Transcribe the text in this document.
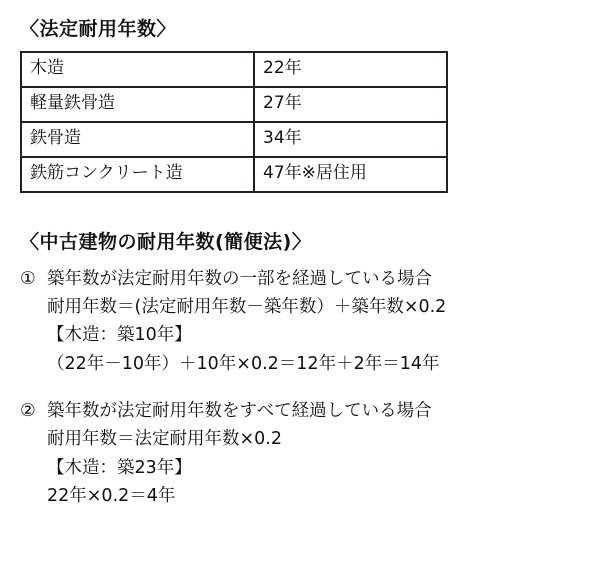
〈法定耐用年数〉
木造	22年
軽量鉄骨造	27年
鉄骨造	34年
鉄筋コンクリート造	47年※居住用
〈中古建物の耐用年数(簡便法)〉
① 築年数が法定耐用年数の一部を経過している場合
耐用年数＝(法定耐用年数－築年数）＋築年数×0.2
【木造：築10年】
（22年－10年）＋10年×0.2＝12年＋2年＝14年
② 築年数が法定耐用年数をすべて経過している場合
耐用年数＝法定耐用年数×0.2
【木造：築23年】
22年×0.2＝4年
